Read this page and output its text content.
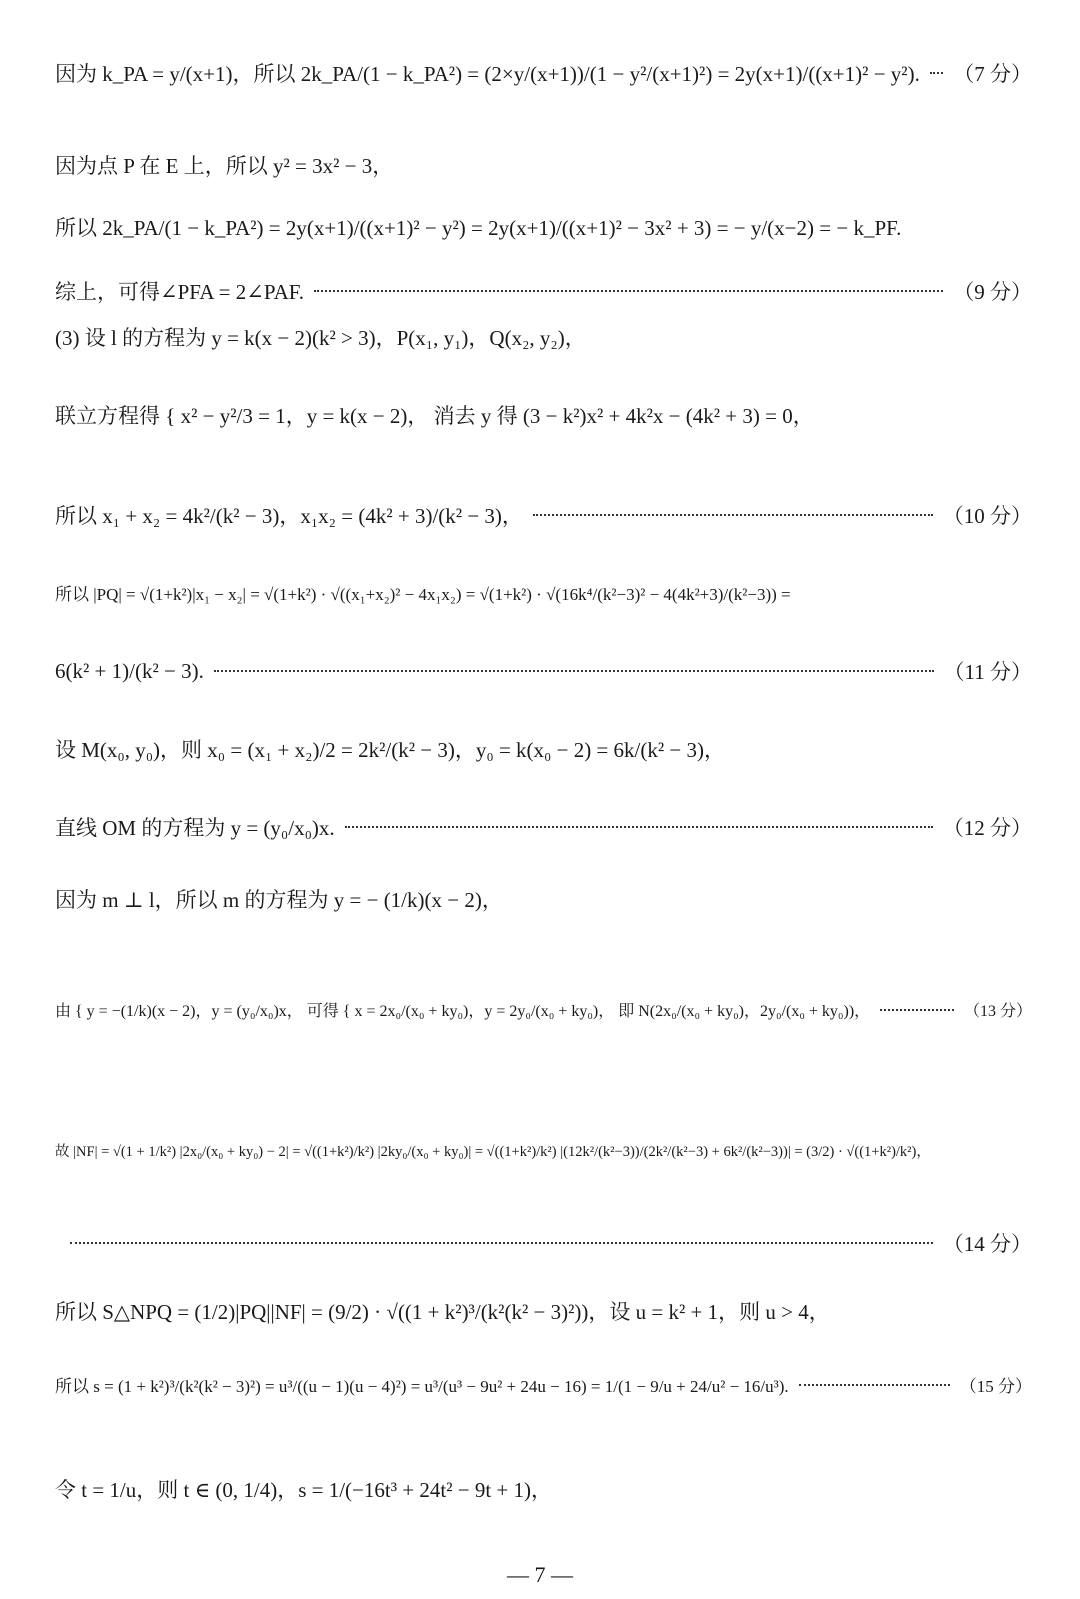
因为 k_PA = y/(x+1)，所以 2k_PA/(1 − k_PA²) = (2×y/(x+1))/(1 − y²/(x+1)²) = 2y(x+1)/((x+1)² − y²). （7 分）
因为点 P 在 E 上，所以 y² = 3x² − 3，
所以 2k_PA/(1 − k_PA²) = 2y(x+1)/((x+1)² − y²) = 2y(x+1)/((x+1)² − 3x² + 3) = − y/(x−2) = − k_PF.
综上，可得∠PFA = 2∠PAF.	（9 分）
(3) 设 l 的方程为 y = k(x − 2)(k² > 3)，P(x₁, y₁)，Q(x₂, y₂)，
联立方程得 { x² − y²/3 = 1，y = k(x − 2)， 消去 y 得 (3 − k²)x² + 4k²x − (4k² + 3) = 0，
所以 x₁ + x₂ = 4k²/(k² − 3)，x₁x₂ = (4k² + 3)/(k² − 3)，	（10 分）
所以 |PQ| = √(1+k²)|x₁ − x₂| = √(1+k²) · √((x₁+x₂)² − 4x₁x₂) = √(1+k²) · √(16k⁴/(k²−3)² − 4(4k²+3)/(k²−3)) =
6(k² + 1)/(k² − 3).	（11 分）
设 M(x₀, y₀)，则 x₀ = (x₁ + x₂)/2 = 2k²/(k² − 3)，y₀ = k(x₀ − 2) = 6k/(k² − 3)，
直线 OM 的方程为 y = (y₀/x₀)x.	（12 分）
因为 m ⊥ l，所以 m 的方程为 y = − (1/k)(x − 2)，
由 { y = −(1/k)(x − 2)，y = (y₀/x₀)x， 可得 { x = 2x₀/(x₀ + ky₀)，y = 2y₀/(x₀ + ky₀)， 即 N(2x₀/(x₀ + ky₀)，2y₀/(x₀ + ky₀))，	（13 分）
故 |NF| = √(1 + 1/k²) |2x₀/(x₀ + ky₀) − 2| = √((1+k²)/k²) |2ky₀/(x₀ + ky₀)| = √((1+k²)/k²) |(12k²/(k²−3))/(2k²/(k²−3) + 6k²/(k²−3))| = (3/2) · √((1+k²)/k²)，
（14 分）
所以 S△NPQ = (1/2)|PQ||NF| = (9/2) · √((1 + k²)³/(k²(k² − 3)²))，设 u = k² + 1，则 u > 4，
所以 s = (1 + k²)³/(k²(k² − 3)²) = u³/((u − 1)(u − 4)²) = u³/(u³ − 9u² + 24u − 16) = 1/(1 − 9/u + 24/u² − 16/u³).	（15 分）
令 t = 1/u，则 t ∈ (0, 1/4)，s = 1/(−16t³ + 24t² − 9t + 1)，
— 7 —
